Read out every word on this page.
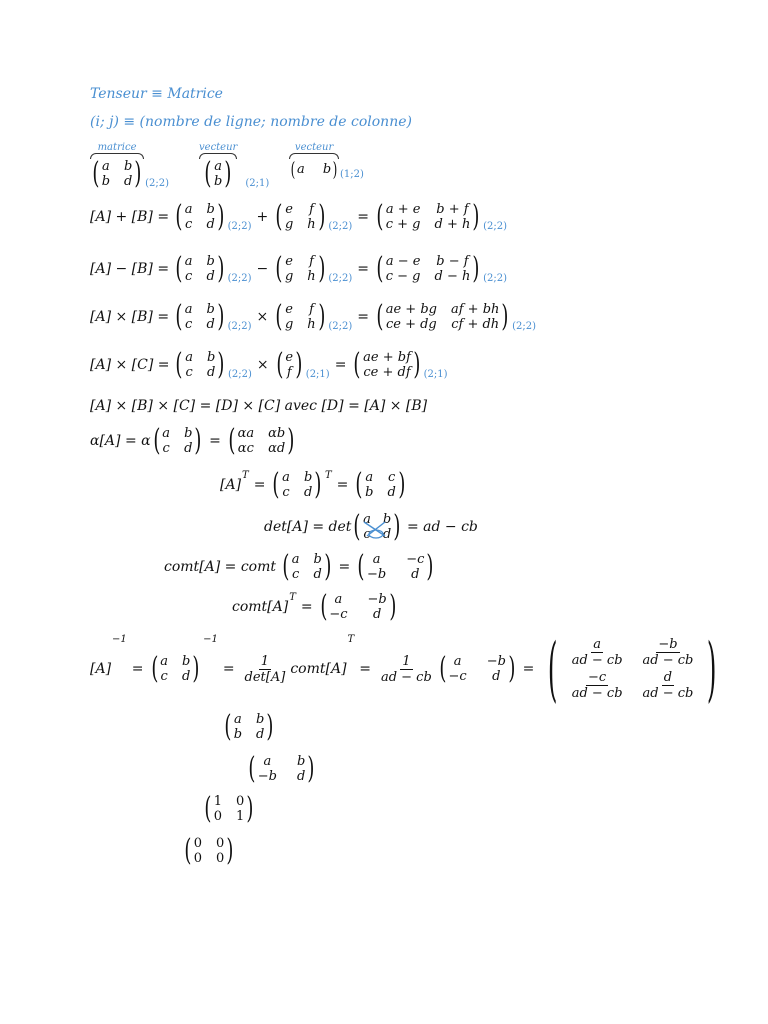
Tenseur ≡ Matrice
(i; j) ≡ (nombre de ligne; nombre de colonne)
matrice
( a b
b d ) (2;2)
vecteur
( a
b ) (2;1)
vecteur
( a b ) (1;2)
[A] + [B] = ( a b
c d ) (2;2)
+ ( e f
g h ) (2;2)
= ( a + e b + f
c + g d + h ) (2;2)
[A] − [B] = ( a b
c d ) (2;2)
− ( e f
g h ) (2;2)
= ( a − e b − f
c − g d − h ) (2;2)
[A] × [B] = ( a b
c d ) (2;2)
× ( e f
g h ) (2;2)
= ( ae + bg af + bh
ce + dg cf + dh ) (2;2)
[A] × [C] = ( a b
c d ) (2;2)
× ( e
f ) (2;1)
= ( ae + bf
ce + df ) (2;1)
[A] × [B] × [C] = [D] × [C] avec [D] = [A] × [B]
α[A] = α ( a b
c d ) = ( αa αb
αc αd )
[A]
T
= ( a b
c d ) T
= ( a c
b d )
det[A] = det ( a b
c d ) = ad − cb
comt[A] = comt ( a b
c d ) = ( a	−c
−b	d )
comt[A]
T
= ( a	−b
−c	d )
[A]
−1
= ( a b
c d )
−1
= $\frac{1}{\det[A]}$ comt[A]
T
= $\frac{1}{ad - cb}$ ( a	−b
−c	d ) = ( $\frac{a}{ad - cb} \frac{-b}{ad - cb}$
$\frac{-c}{ad - cb} \frac{d}{ad - cb}$ )
( a b
b d )
( a	b
−b d )
( 1 0
0 1 )
( 0 0
0 0 )
